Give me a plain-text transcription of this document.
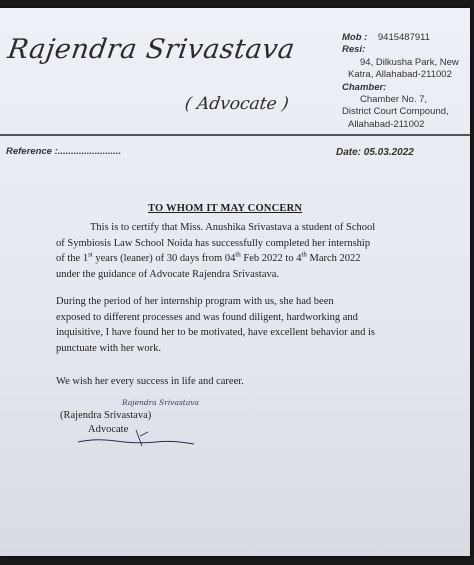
Rajendra Srivastava
( Advocate )
Mob : 9415487911
Resi:
94, Dilkusha Park, New
Katra, Allahabad-211002
Chamber:
Chamber No. 7,
District Court Compound,
Allahabad-211002
Reference :........................	Date: 05.03.2022
TO WHOM IT MAY CONCERN
This is to certify that Miss. Anushika Srivastava a student of School
of Symbiosis Law School Noida has successfully completed her internship
of the 1st years (leaner) of 30 days from 04th Feb 2022 to 4th March 2022
under the guidance of Advocate Rajendra Srivastava.
During the period of her internship program with us, she had been
exposed to different processes and was found diligent, hardworking and
inquisitive, I have found her to be motivated, have excellent behavior and is
punctuate with her work.
We wish her every success in life and career.
Rajendra Srivastava
(Rajendra Srivastava)
Advocate
